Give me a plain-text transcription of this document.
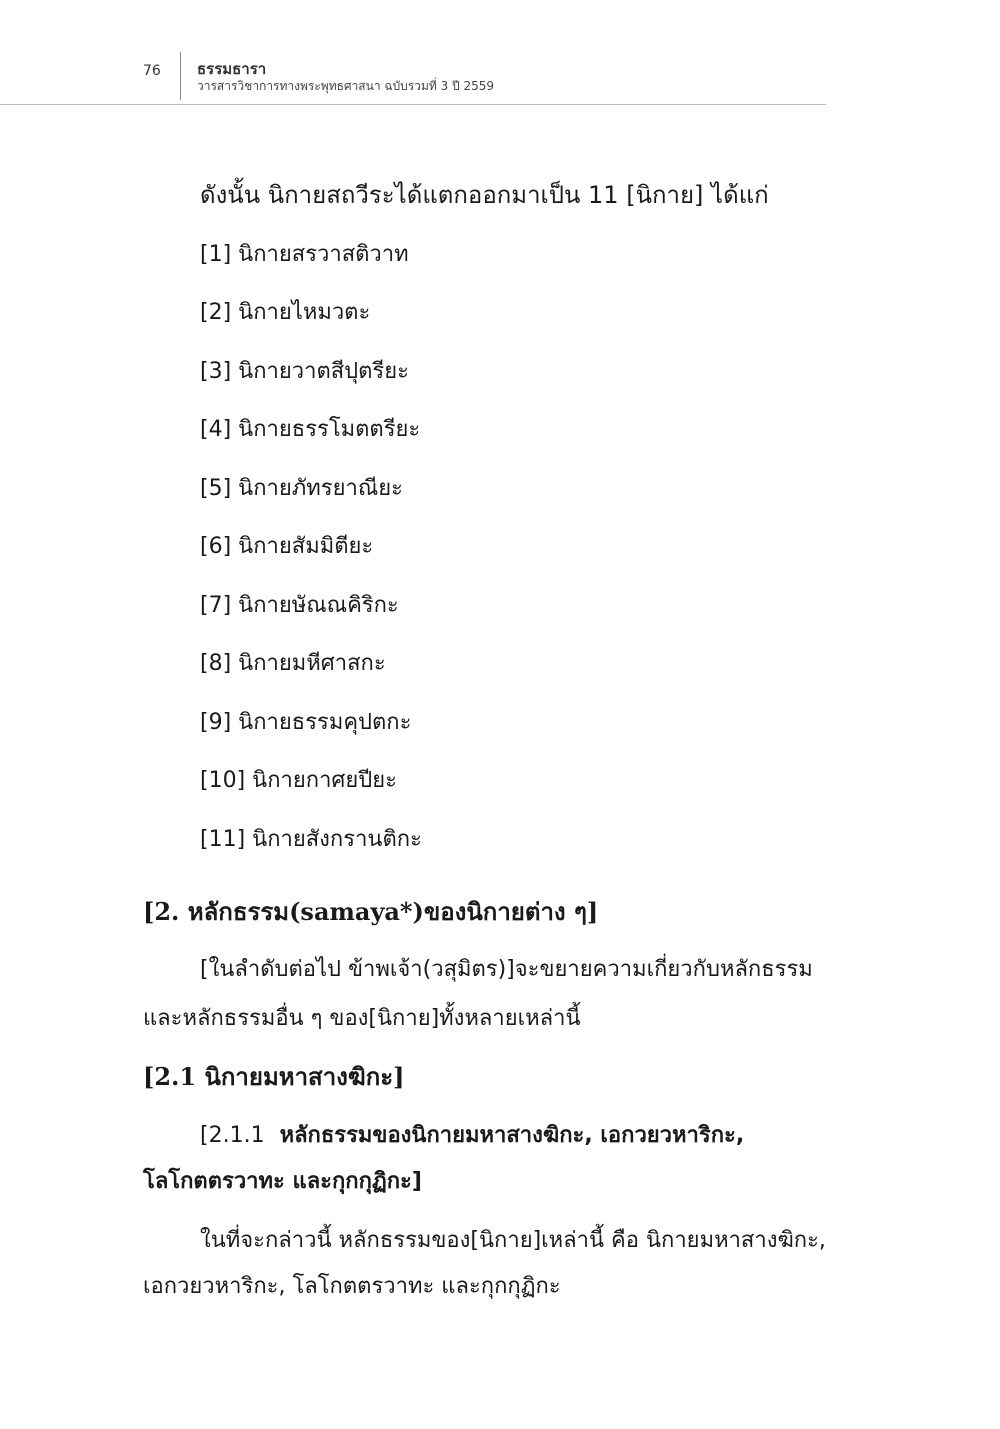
76 ธรรมธารา
วารสารวิชาการทางพระพุทธศาสนา ฉบับรวมที่ 3 ปี 2559
ดังนั้น นิกายสถวีระได้แตกออกมาเป็น 11 [นิกาย] ได้แก่
[1] นิกายสรวาสติวาท
[2] นิกายไหมวตะ
[3] นิกายวาตสีปุตรียะ
[4] นิกายธรรโมตตรียะ
[5] นิกายภัทรยาณียะ
[6] นิกายสัมมิตียะ
[7] นิกายษัณณคิริกะ
[8] นิกายมหีศาสกะ
[9] นิกายธรรมคุปตกะ
[10] นิกายกาศยปียะ
[11] นิกายสังกรานติกะ
[2. หลักธรรม(samaya*)ของนิกายต่าง ๆ]
[ในลำดับต่อไป ข้าพเจ้า(วสุมิตร)]จะขยายความเกี่ยวกับหลักธรรม
และหลักธรรมอื่น ๆ ของ[นิกาย]ทั้งหลายเหล่านี้
[2.1 นิกายมหาสางฆิกะ]
[2.1.1 หลักธรรมของนิกายมหาสางฆิกะ, เอกวยวหาริกะ,
โลโกตตรวาทะ และกุกกุฏิกะ]
ในที่จะกล่าวนี้ หลักธรรมของ[นิกาย]เหล่านี้ คือ นิกายมหาสางฆิกะ,
เอกวยวหาริกะ, โลโกตตรวาทะ และกุกกุฏิกะ
